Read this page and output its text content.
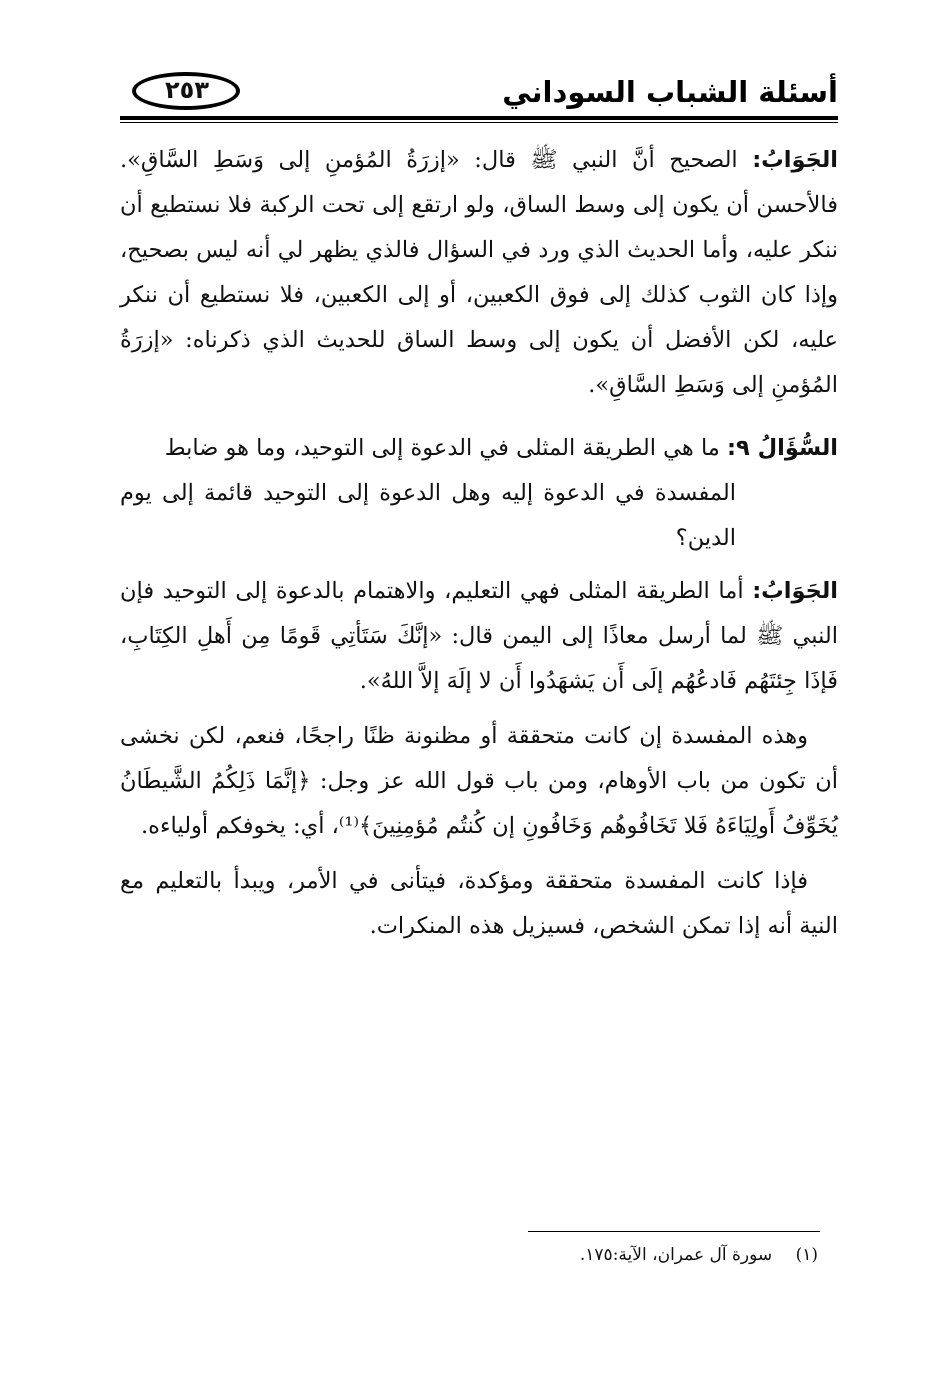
أسئلة الشباب السوداني
٢٥٣

الجَوَابُ: الصحيح أنَّ النبي ﷺ قال: «إزرَةُ المُؤمنِ إلى وَسَطِ السَّاقِ». فالأحسن أن يكون إلى وسط الساق، ولو ارتقع إلى تحت الركبة فلا نستطيع أن ننكر عليه، وأما الحديث الذي ورد في السؤال فالذي يظهر لي أنه ليس بصحيح، وإذا كان الثوب كذلك إلى فوق الكعبين، أو إلى الكعبين، فلا نستطيع أن ننكر عليه، لكن الأفضل أن يكون إلى وسط الساق للحديث الذي ذكرناه: «إزرَةُ المُؤمنِ إلى وَسَطِ السَّاقِ».

السُّؤَالُ ٩: ما هي الطريقة المثلى في الدعوة إلى التوحيد، وما هو ضابط

المفسدة في الدعوة إليه وهل الدعوة إلى التوحيد قائمة إلى يوم الدين؟

الجَوَابُ: أما الطريقة المثلى فهي التعليم، والاهتمام بالدعوة إلى التوحيد فإن النبي ﷺ لما أرسل معاذًا إلى اليمن قال: «إنَّكَ سَتَأتِي قَومًا مِن أَهلِ الكِتَابِ، فَإذَا جِئتَهُم فَادعُهُم إلَى أَن يَشهَدُوا أَن لا إلَهَ إلاَّ اللهُ».

وهذه المفسدة إن كانت متحققة أو مظنونة ظنًا راجحًا، فنعم، لكن نخشى أن تكون من باب الأوهام، ومن باب قول الله عز وجل: ﴿إنَّمَا ذَلِكُمُ الشَّيطَانُ يُخَوِّفُ أَولِيَاءَهُ فَلا تَخَافُوهُم وَخَافُونِ إن كُنتُم مُؤمِنِينَ﴾⁽¹⁾، أي: يخوفكم أولياءه.

فإذا كانت المفسدة متحققة ومؤكدة، فيتأنى في الأمر، ويبدأ بالتعليم مع النية أنه إذا تمكن الشخص، فسيزيل هذه المنكرات.

(١) سورة آل عمران، الآية:١٧٥.
